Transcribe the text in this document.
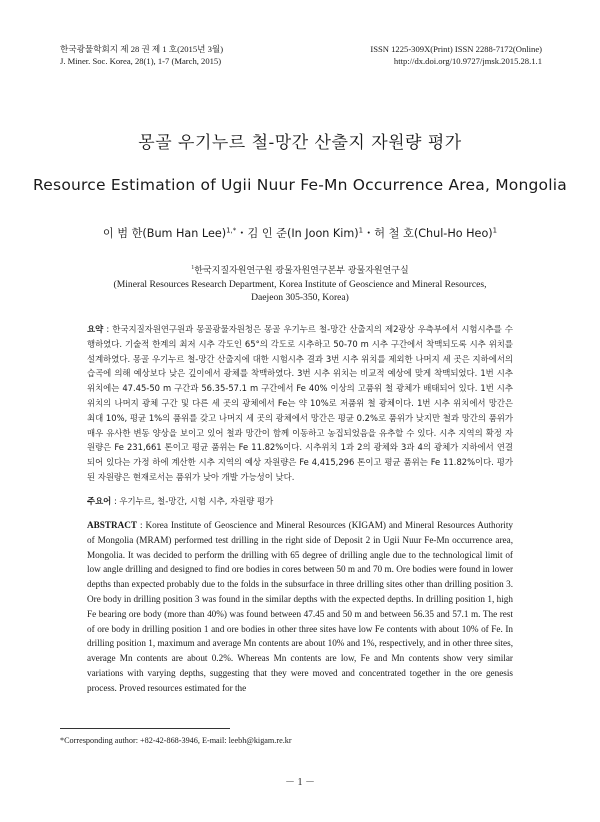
한국광물학회지 제 28 권 제 1 호(2015년 3월)
J. Miner. Soc. Korea, 28(1), 1-7 (March, 2015)
ISSN 1225-309X(Print) ISSN 2288-7172(Online)
http://dx.doi.org/10.9727/jmsk.2015.28.1.1
몽골 우기누르 철-망간 산출지 자원량 평가
Resource Estimation of Ugii Nuur Fe-Mn Occurrence Area, Mongolia
이 범 한(Bum Han Lee)$^{1,*}$・김 인 준(In Joon Kim)$^1$・허 철 호(Chul-Ho Heo)$^1$
$^1$한국지질자원연구원 광물자원연구본부 광물자원연구실
(Mineral Resources Research Department, Korea Institute of Geoscience and Mineral Resources,
Daejeon 305-350, Korea)
요약 : 한국지질자원연구원과 몽골광물자원청은 몽골 우기누르 철-망간 산출지의 제2광상 우측부에서 시험시추를 수행하였다. 기술적 한계의 최저 시추 각도인 65°의 각도로 시추하고 50-70 m 시추 구간에서 착맥되도록 시추 위치를 설계하였다. 몽골 우기누르 철-망간 산출지에 대한 시험시추 결과 3번 시추 위치를 제외한 나머지 세 곳은 지하에서의 습곡에 의해 예상보다 낮은 깊이에서 광체를 착맥하였다. 3번 시추 위치는 비교적 예상에 맞게 착맥되었다. 1번 시추 위치에는 47.45-50 m 구간과 56.35-57.1 m 구간에서 Fe 40% 이상의 고품위 철 광체가 배태되어 있다. 1번 시추 위치의 나머지 광체 구간 및 다른 세 곳의 광체에서 Fe는 약 10%로 저품위 철 광체이다. 1번 시추 위치에서 망간은 최대 10%, 평균 1%의 품위를 갖고 나머지 세 곳의 광체에서 망간은 평균 0.2%로 품위가 낮지만 철과 망간의 품위가 매우 유사한 변동 양상을 보이고 있어 철과 망간이 함께 이동하고 농집되었음을 유추할 수 있다. 시추 지역의 확정 자원량은 Fe 231,661 톤이고 평균 품위는 Fe 11.82%이다. 시추위치 1과 2의 광체와 3과 4의 광체가 지하에서 연결되어 있다는 가정 하에 계산한 시추 지역의 예상 자원량은 Fe 4,415,296 톤이고 평균 품위는 Fe 11.82%이다. 평가된 자원량은 현재로서는 품위가 낮아 개발 가능성이 낮다.
주요어 : 우기누르, 철-망간, 시험 시추, 자원량 평가
ABSTRACT : Korea Institute of Geoscience and Mineral Resources (KIGAM) and Mineral Resources Authority of Mongolia (MRAM) performed test drilling in the right side of Deposit 2 in Ugii Nuur Fe-Mn occurrence area, Mongolia. It was decided to perform the drilling with 65 degree of drilling angle due to the technological limit of low angle drilling and designed to find ore bodies in cores between 50 m and 70 m. Ore bodies were found in lower depths than expected probably due to the folds in the subsurface in three drilling sites other than drilling position 3. Ore body in drilling position 3 was found in the similar depths with the expected depths. In drilling position 1, high Fe bearing ore body (more than 40%) was found between 47.45 and 50 m and between 56.35 and 57.1 m. The rest of ore body in drilling position 1 and ore bodies in other three sites have low Fe contents with about 10% of Fe. In drilling position 1, maximum and average Mn contents are about 10% and 1%, respectively, and in other three sites, average Mn contents are about 0.2%. Whereas Mn contents are low, Fe and Mn contents show very similar variations with varying depths, suggesting that they were moved and concentrated together in the ore genesis process. Proved resources estimated for the
*Corresponding author: +82-42-868-3946, E-mail: leebh@kigam.re.kr
－ 1 －
